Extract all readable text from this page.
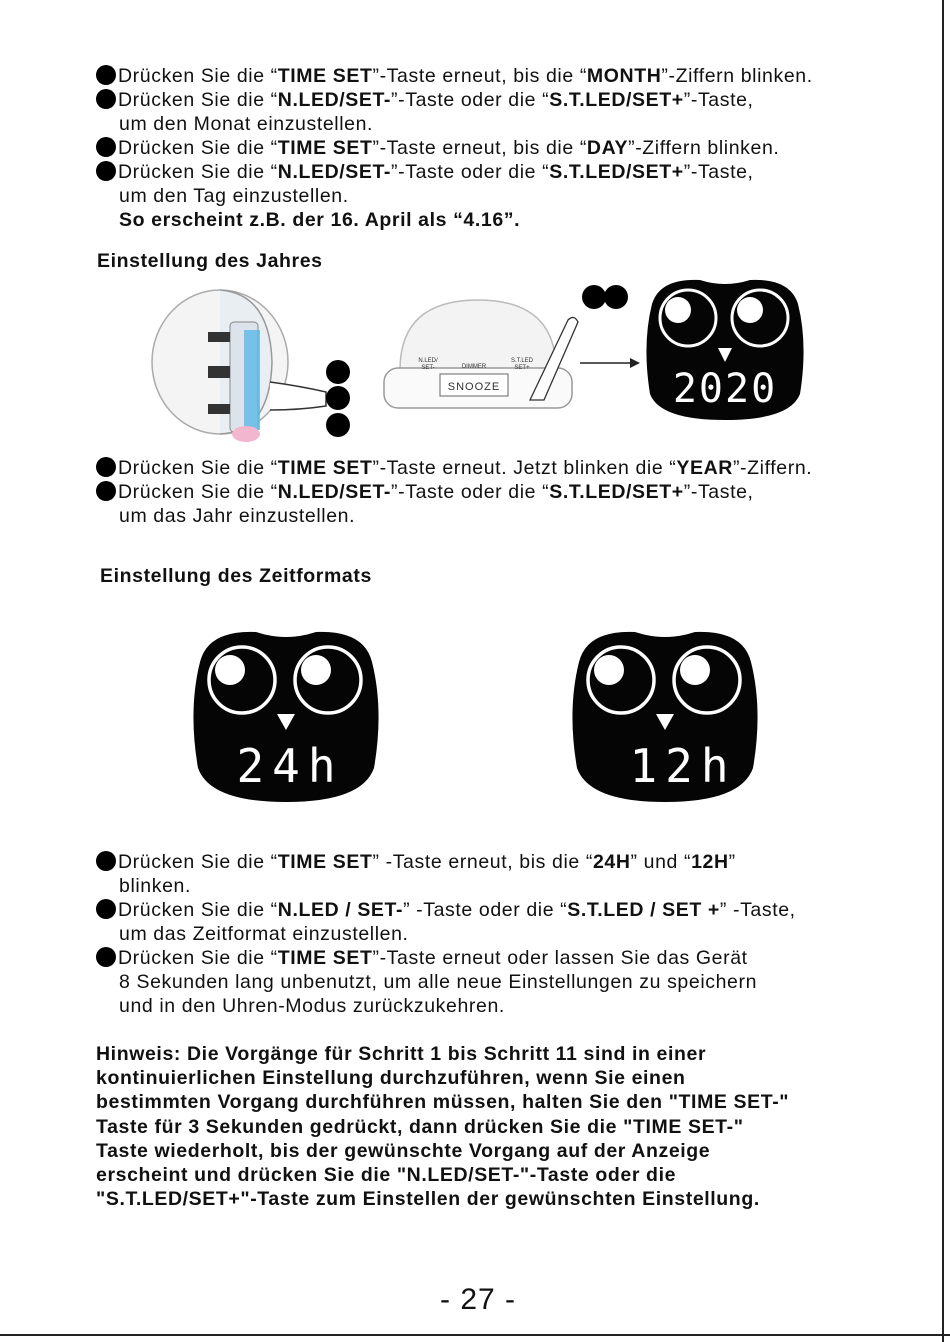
Drücken Sie die “TIME SET”-Taste erneut, bis die “MONTH”-Ziffern blinken.
Drücken Sie die “N.LED/SET-”-Taste oder die “S.T.LED/SET+”-Taste,
um den Monat einzustellen.
Drücken Sie die “TIME SET”-Taste erneut, bis die “DAY”-Ziffern blinken.
Drücken Sie die “N.LED/SET-”-Taste oder die “S.T.LED/SET+”-Taste,
um den Tag einzustellen.
So erscheint z.B. der 16. April als “4.16”.
Einstellung des Jahres
SNOOZE
N.LED/
SET-	DIMMER
S.T.LED
SET+	2020
Drücken Sie die “TIME SET”-Taste erneut. Jetzt blinken die “YEAR”-Ziffern.
Drücken Sie die “N.LED/SET-”-Taste oder die “S.T.LED/SET+”-Taste,
um das Jahr einzustellen.
Einstellung des Zeitformats
24h	12h
Drücken Sie die “TIME SET” -Taste erneut, bis die “24H” und “12H”
blinken.
Drücken Sie die “N.LED / SET-” -Taste oder die “S.T.LED / SET +” -Taste,
um das Zeitformat einzustellen.
Drücken Sie die “TIME SET”-Taste erneut oder lassen Sie das Gerät
8 Sekunden lang unbenutzt, um alle neue Einstellungen zu speichern
und in den Uhren-Modus zurückzukehren.
Hinweis: Die Vorgänge für Schritt 1 bis Schritt 11 sind in einer
kontinuierlichen Einstellung durchzuführen, wenn Sie einen
bestimmten Vorgang durchführen müssen, halten Sie den "TIME SET-"
Taste für 3 Sekunden gedrückt, dann drücken Sie die "TIME SET-"
Taste wiederholt, bis der gewünschte Vorgang auf der Anzeige
erscheint und drücken Sie die "N.LED/SET-"-Taste oder die
"S.T.LED/SET+"-Taste zum Einstellen der gewünschten Einstellung.
- 27 -
